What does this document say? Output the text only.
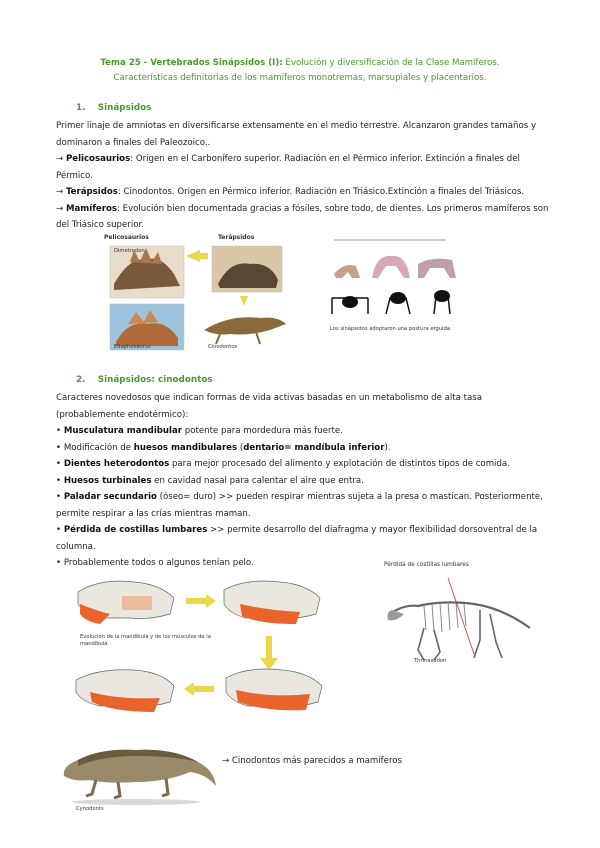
Tema 25 - Vertebrados Sinápsidos (I): Evolución y diversificación de la Clase Mamíferos.
Características definitorias de los mamíferos monotremas, marsupiales y placentarios.
1. Sinápsidos
Primer linaje de amniotas en diversificarse extensamente en el medio terrestre. Alcanzaron grandes tamaños y dominaron a finales del Paleozoico..
→ Pelicosaurios: Origen en el Carbonífero superior. Radiación en el Pérmico inferior. Extinción a finales del Pérmico.
→ Terápsidos: Cinodontos. Origen en Pérmico inferior. Radiación en Triásico.Extinción a finales del Triásicos.
→ Mamíferos: Evolución bien documentada gracias a fósiles, sobre todo, de dientes. Los primeros mamíferos son del Triásico superior.
Pelicosaurios	Terápsidos
Dimetrodon
Edaphosaurus	Cinodontos
Los sinápsidos adoptaron una postura erguida
2. Sinápsidos: cinodontos
Caracteres novedosos que indican formas de vida activas basadas en un metabolismo de alta tasa (probablemente endotérmico):
• Musculatura mandibular potente para mordedura más fuerte.
• Modificación de huesos mandibulares (dentario= mandíbula inferior).
• Dientes heterodontos para mejor procesado del alimento y explotación de distintos tipos de comida.
• Huesos turbinales en cavidad nasal para calentar el aire que entra.
• Paladar secundario (óseo= duro) >> pueden respirar mientras sujeta a la presa o mastican. Posteriormente, permite respirar a las crías mientras maman.
• Pérdida de costillas lumbares >> permite desarrollo del diafragma y mayor flexibilidad dorsoventral de la columna.
• Probablemente todos o algunos tenían pelo.
Evolución de la mandíbula y de los músculos de la mandíbula
Pérdida de costillas lumbares
Thrinaxodon
Cynodonts
→ Cinodontos más parecidos a mamíferos
